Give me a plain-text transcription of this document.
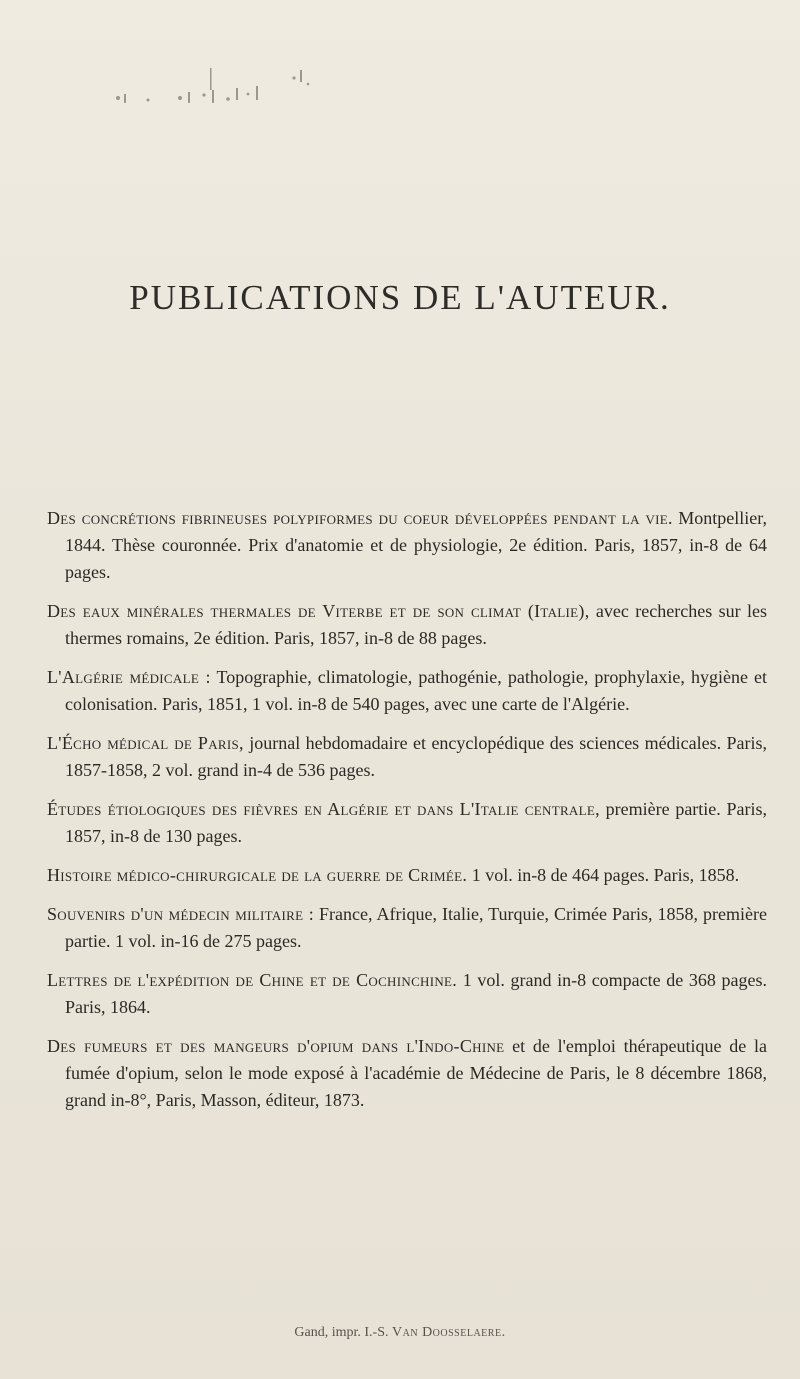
PUBLICATIONS DE L'AUTEUR.

Des concrétions fibrineuses polypiformes du coeur développées pendant la vie. Montpellier, 1844. Thèse couronnée. Prix d'anatomie et de physiologie, 2e édition. Paris, 1857, in-8 de 64 pages.

Des eaux minérales thermales de Viterbe et de son climat (Italie), avec recherches sur les thermes romains, 2e édition. Paris, 1857, in-8 de 88 pages.

L'Algérie médicale : Topographie, climatologie, pathogénie, pathologie, prophylaxie, hygiène et colonisation. Paris, 1851, 1 vol. in-8 de 540 pages, avec une carte de l'Algérie.

L'Écho médical de Paris, journal hebdomadaire et encyclopédique des sciences médicales. Paris, 1857-1858, 2 vol. grand in-4 de 536 pages.

Études étiologiques des fièvres en Algérie et dans L'Italie centrale, première partie. Paris, 1857, in-8 de 130 pages.

Histoire médico-chirurgicale de la guerre de Crimée. 1 vol. in-8 de 464 pages. Paris, 1858.

Souvenirs d'un médecin militaire : France, Afrique, Italie, Turquie, Crimée Paris, 1858, première partie. 1 vol. in-16 de 275 pages.

Lettres de l'expédition de Chine et de Cochinchine. 1 vol. grand in-8 compacte de 368 pages. Paris, 1864.

Des fumeurs et des mangeurs d'opium dans l'Indo-Chine et de l'emploi thérapeutique de la fumée d'opium, selon le mode exposé à l'académie de Médecine de Paris, le 8 décembre 1868, grand in-8°, Paris, Masson, éditeur, 1873.

Gand, impr. I.-S. Van Doosselaere.
